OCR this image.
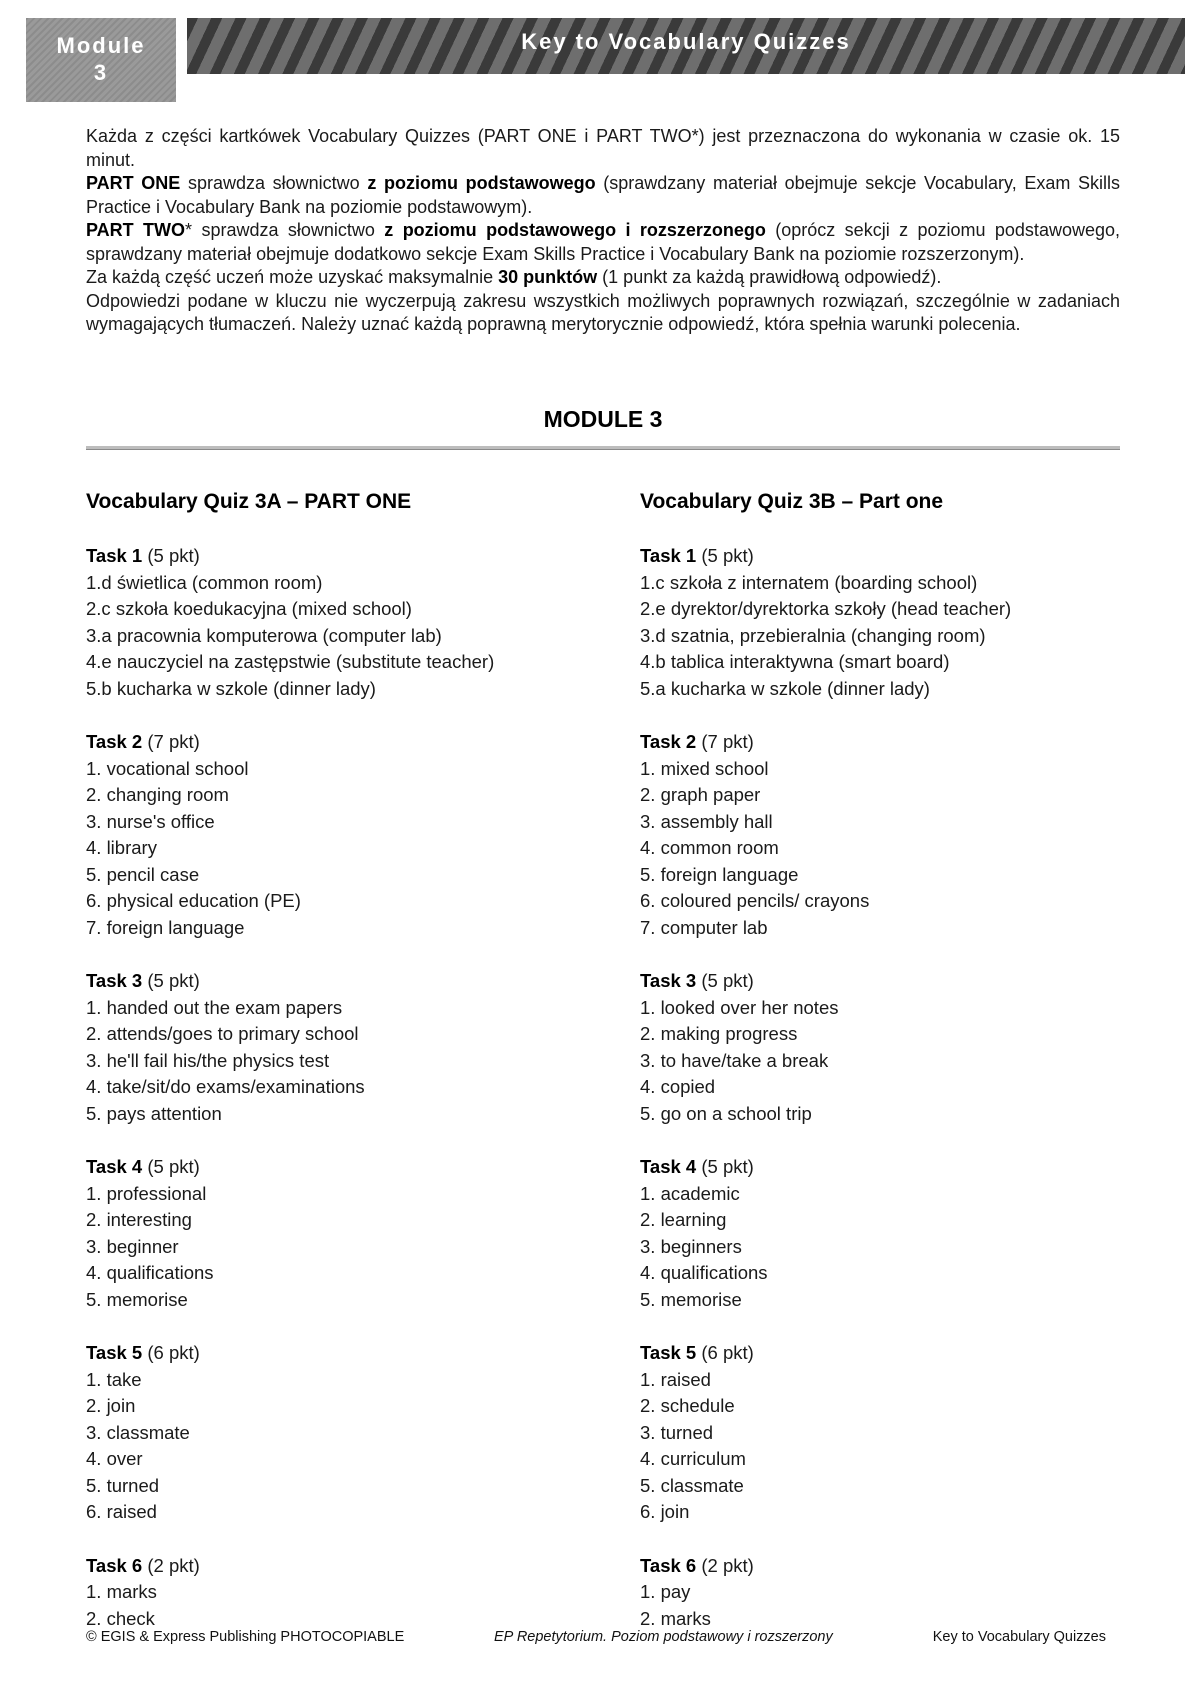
Module
3
Key to Vocabulary Quizzes

Każda z części kartkówek Vocabulary Quizzes (PART ONE i PART TWO*) jest przeznaczona do wykonania w czasie ok. 15 minut.

PART ONE sprawdza słownictwo z poziomu podstawowego (sprawdzany materiał obejmuje sekcje Vocabulary, Exam Skills Practice i Vocabulary Bank na poziomie podstawowym).

PART TWO* sprawdza słownictwo z poziomu podstawowego i rozszerzonego (oprócz sekcji z poziomu podstawowego, sprawdzany materiał obejmuje dodatkowo sekcje Exam Skills Practice i Vocabulary Bank na poziomie rozszerzonym).

Za każdą część uczeń może uzyskać maksymalnie 30 punktów (1 punkt za każdą prawidłową odpowiedź).

Odpowiedzi podane w kluczu nie wyczerpują zakresu wszystkich możliwych poprawnych rozwiązań, szczególnie w zadaniach wymagających tłumaczeń. Należy uznać każdą poprawną merytorycznie odpowiedź, która spełnia warunki polecenia.

MODULE 3
Vocabulary Quiz 3A – PART ONE
Task 1 (5 pkt)
1.d świetlica (common room)
2.c szkoła koedukacyjna (mixed school)
3.a pracownia komputerowa (computer lab)
4.e nauczyciel na zastępstwie (substitute teacher)
5.b kucharka w szkole (dinner lady)
Task 2 (7 pkt)
1. vocational school
2. changing room
3. nurse's office
4. library
5. pencil case
6. physical education (PE)
7. foreign language
Task 3 (5 pkt)
1. handed out the exam papers
2. attends/goes to primary school
3. he'll fail his/the physics test
4. take/sit/do exams/examinations
5. pays attention
Task 4 (5 pkt)
1. professional
2. interesting
3. beginner
4. qualifications
5. memorise
Task 5 (6 pkt)
1. take
2. join
3. classmate
4. over
5. turned
6. raised
Task 6 (2 pkt)
1. marks
2. check
Vocabulary Quiz 3B – Part one
Task 1 (5 pkt)
1.c szkoła z internatem (boarding school)
2.e dyrektor/dyrektorka szkoły (head teacher)
3.d szatnia, przebieralnia (changing room)
4.b tablica interaktywna (smart board)
5.a kucharka w szkole (dinner lady)
Task 2 (7 pkt)
1. mixed school
2. graph paper
3. assembly hall
4. common room
5. foreign language
6. coloured pencils/ crayons
7. computer lab
Task 3 (5 pkt)
1. looked over her notes
2. making progress
3. to have/take a break
4. copied
5. go on a school trip
Task 4 (5 pkt)
1. academic
2. learning
3. beginners
4. qualifications
5. memorise
Task 5 (6 pkt)
1. raised
2. schedule
3. turned
4. curriculum
5. classmate
6. join
Task 6 (2 pkt)
1. pay
2. marks
© EGIS & Express Publishing PHOTOCOPIABLE	EP Repetytorium. Poziom podstawowy i rozszerzony	Key to Vocabulary Quizzes
